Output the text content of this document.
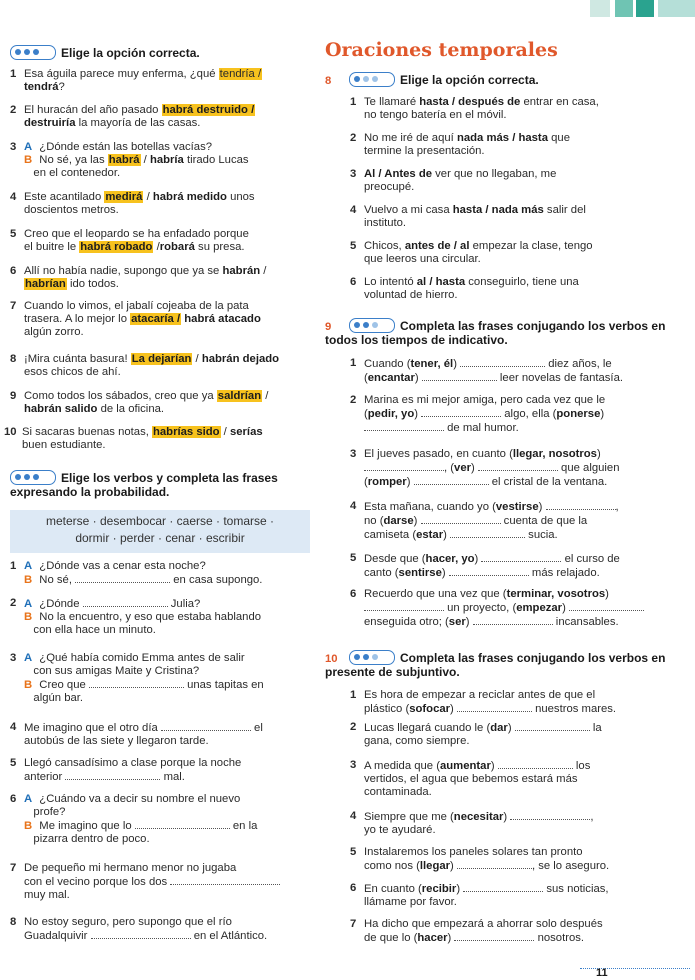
Elige la opción correcta.
1 Esa águila parece muy enferma, ¿qué tendría /
tendrá?
2 El huracán del año pasado habrá destruido /
destruiría la mayoría de las casas.
3 A ¿Dónde están las botellas vacías?
B No sé, ya las habrá / habría tirado Lucas
en el contenedor.
4 Este acantilado medirá / habrá medido unos
doscientos metros.
5 Creo que el leopardo se ha enfadado porque
el buitre le habrá robado /robará su presa.
6 Allí no había nadie, supongo que ya se habrán /
habrían ido todos.
7 Cuando lo vimos, el jabalí cojeaba de la pata
trasera. A lo mejor lo atacaría / habrá atacado
algún zorro.
8 ¡Mira cuánta basura! La dejarían / habrán dejado
esos chicos de ahí.
9 Como todos los sábados, creo que ya saldrían /
habrán salido de la oficina.
10 Si sacaras buenas notas, habrías sido / serías
buen estudiante.
Elige los verbos y completa las frases expresando la probabilidad.
meterse · desembocar · caerse · tomarse ·
dormir · perder · cenar · escribir
1 A ¿Dónde vas a cenar esta noche?
B No sé,	en casa supongo.
2 A ¿Dónde	Julia?
B No la encuentro, y eso que estaba hablando
con ella hace un minuto.
3 A ¿Qué había comido Emma antes de salir
con sus amigas Maite y Cristina?
B Creo que	unas tapitas en
algún bar.
4 Me imagino que el otro día	el
autobús de las siete y llegaron tarde.
5 Llegó cansadísimo a clase porque la noche
anterior	mal.
6 A ¿Cuándo va a decir su nombre el nuevo
profe?
B Me imagino que lo	en la
pizarra dentro de poco.
7 De pequeño mi hermano menor no jugaba
con el vecino porque los dos
muy mal.
8 No estoy seguro, pero supongo que el río
Guadalquivir	en el Atlántico.
Oraciones temporales
8	Elige la opción correcta.
1 Te llamaré hasta / después de entrar en casa,
no tengo batería en el móvil.
2 No me iré de aquí nada más / hasta que
termine la presentación.
3 Al / Antes de ver que no llegaban, me
preocupé.
4 Vuelvo a mi casa hasta / nada más salir del
instituto.
5 Chicos, antes de / al empezar la clase, tengo
que leeros una circular.
6 Lo intentó al / hasta conseguirlo, tiene una
voluntad de hierro.
9	Completa las frases conjugando los verbos en todos los tiempos de indicativo.
1 Cuando (tener, él)	diez años, le
(encantar)	leer novelas de fantasía.
2 Marina es mi mejor amiga, pero cada vez que le
(pedir, yo)	algo, ella (ponerse)
de mal humor.
3 El jueves pasado, en cuanto (llegar, nosotros)
, (ver)	que alguien
(romper)	el cristal de la ventana.
4 Esta mañana, cuando yo (vestirse)	,
no (darse)	cuenta de que la
camiseta (estar)	sucia.
5 Desde que (hacer, yo)	el curso de
canto (sentirse)	más relajado.
6 Recuerdo que una vez que (terminar, vosotros)
un proyecto, (empezar)
enseguida otro; (ser)	incansables.
10	Completa las frases conjugando los verbos en presente de subjuntivo.
1 Es hora de empezar a reciclar antes de que el
plástico (sofocar)	nuestros mares.
2 Lucas llegará cuando le (dar)	la
gana, como siempre.
3 A medida que (aumentar)	los
vertidos, el agua que bebemos estará más
contaminada.
4 Siempre que me (necesitar)	,
yo te ayudaré.
5 Instalaremos los paneles solares tan pronto
como nos (llegar)	, se lo aseguro.
6 En cuanto (recibir)	sus noticias,
llámame por favor.
7 Ha dicho que empezará a ahorrar solo después
de que lo (hacer)	nosotros.
11
